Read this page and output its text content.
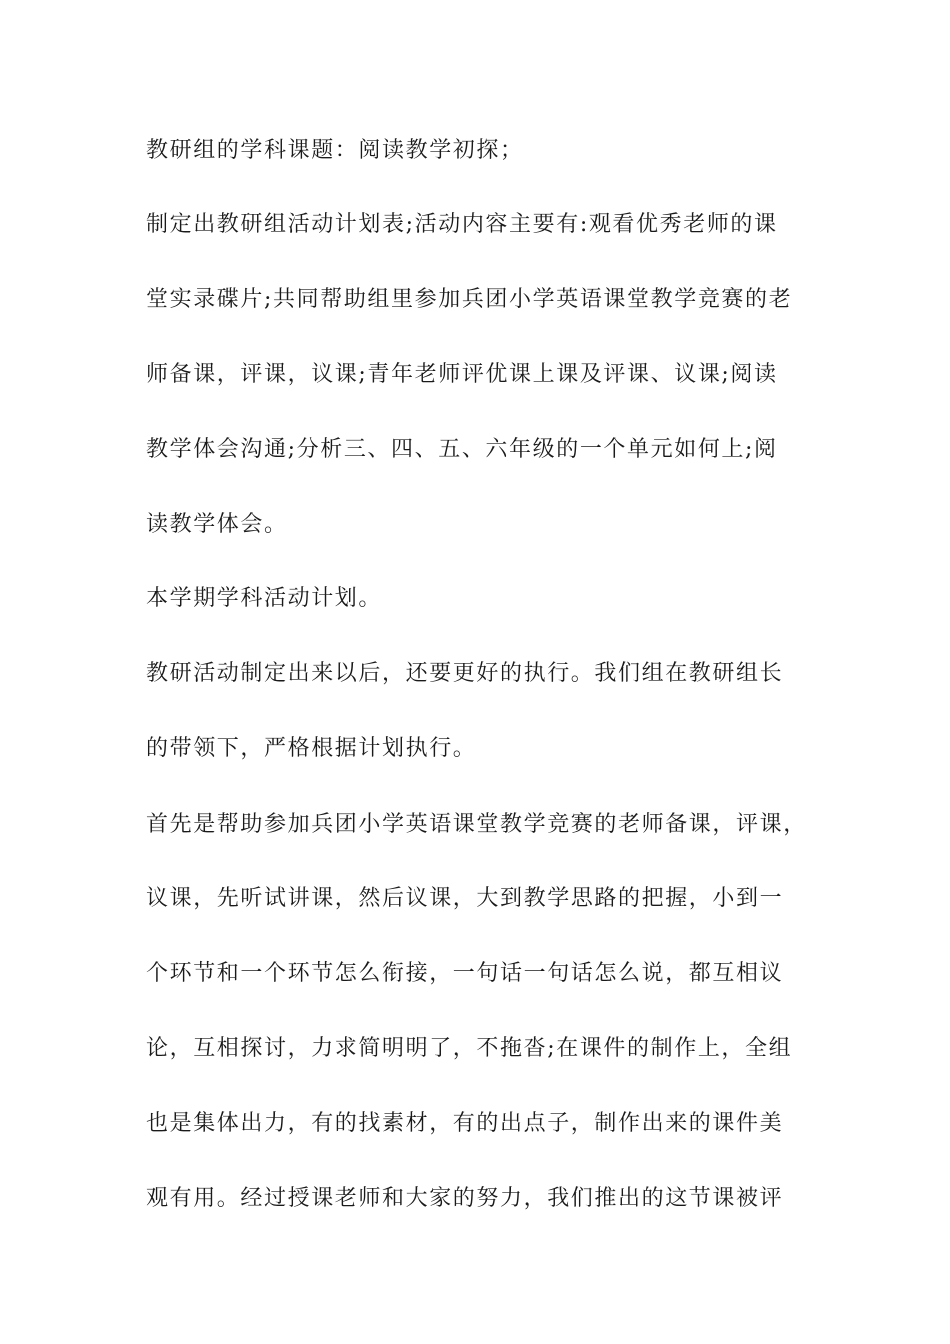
教研组的学科课题：阅读教学初探；
制定出教研组活动计划表;活动内容主要有:观看优秀老师的课
堂实录碟片;共同帮助组里参加兵团小学英语课堂教学竞赛的老
师备课，评课，议课;青年老师评优课上课及评课、议课;阅读
教学体会沟通;分析三、四、五、六年级的一个单元如何上;阅
读教学体会。
本学期学科活动计划。
教研活动制定出来以后，还要更好的执行。我们组在教研组长
的带领下，严格根据计划执行。
首先是帮助参加兵团小学英语课堂教学竞赛的老师备课，评课，
议课，先听试讲课，然后议课，大到教学思路的把握，小到一
个环节和一个环节怎么衔接，一句话一句话怎么说，都互相议
论，互相探讨，力求简明明了，不拖沓;在课件的制作上，全组
也是集体出力，有的找素材，有的出点子，制作出来的课件美
观有用。经过授课老师和大家的努力，我们推出的这节课被评
